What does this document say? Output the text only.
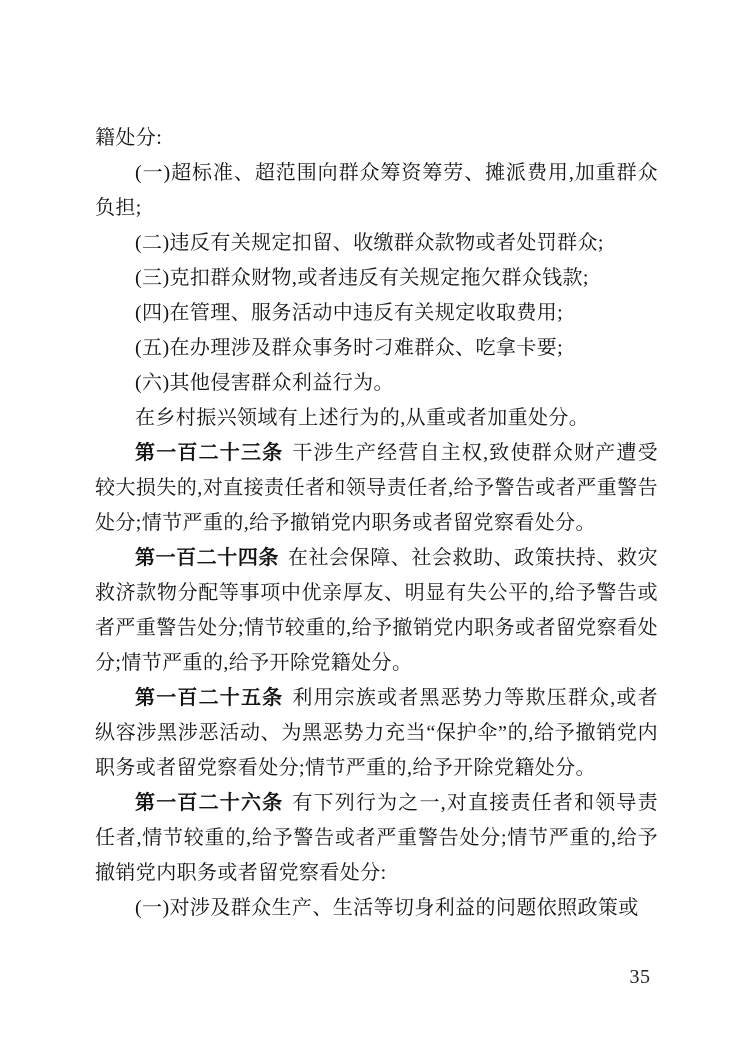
籍处分:

(一)超标准、超范围向群众筹资筹劳、摊派费用,加重群众负担;

(二)违反有关规定扣留、收缴群众款物或者处罚群众;

(三)克扣群众财物,或者违反有关规定拖欠群众钱款;

(四)在管理、服务活动中违反有关规定收取费用;

(五)在办理涉及群众事务时刁难群众、吃拿卡要;

(六)其他侵害群众利益行为。

在乡村振兴领域有上述行为的,从重或者加重处分。

第一百二十三条 干涉生产经营自主权,致使群众财产遭受较大损失的,对直接责任者和领导责任者,给予警告或者严重警告处分;情节严重的,给予撤销党内职务或者留党察看处分。

第一百二十四条 在社会保障、社会救助、政策扶持、救灾救济款物分配等事项中优亲厚友、明显有失公平的,给予警告或者严重警告处分;情节较重的,给予撤销党内职务或者留党察看处分;情节严重的,给予开除党籍处分。

第一百二十五条 利用宗族或者黑恶势力等欺压群众,或者纵容涉黑涉恶活动、为黑恶势力充当“保护伞”的,给予撤销党内职务或者留党察看处分;情节严重的,给予开除党籍处分。

第一百二十六条 有下列行为之一,对直接责任者和领导责任者,情节较重的,给予警告或者严重警告处分;情节严重的,给予撤销党内职务或者留党察看处分:

(一)对涉及群众生产、生活等切身利益的问题依照政策或

35
